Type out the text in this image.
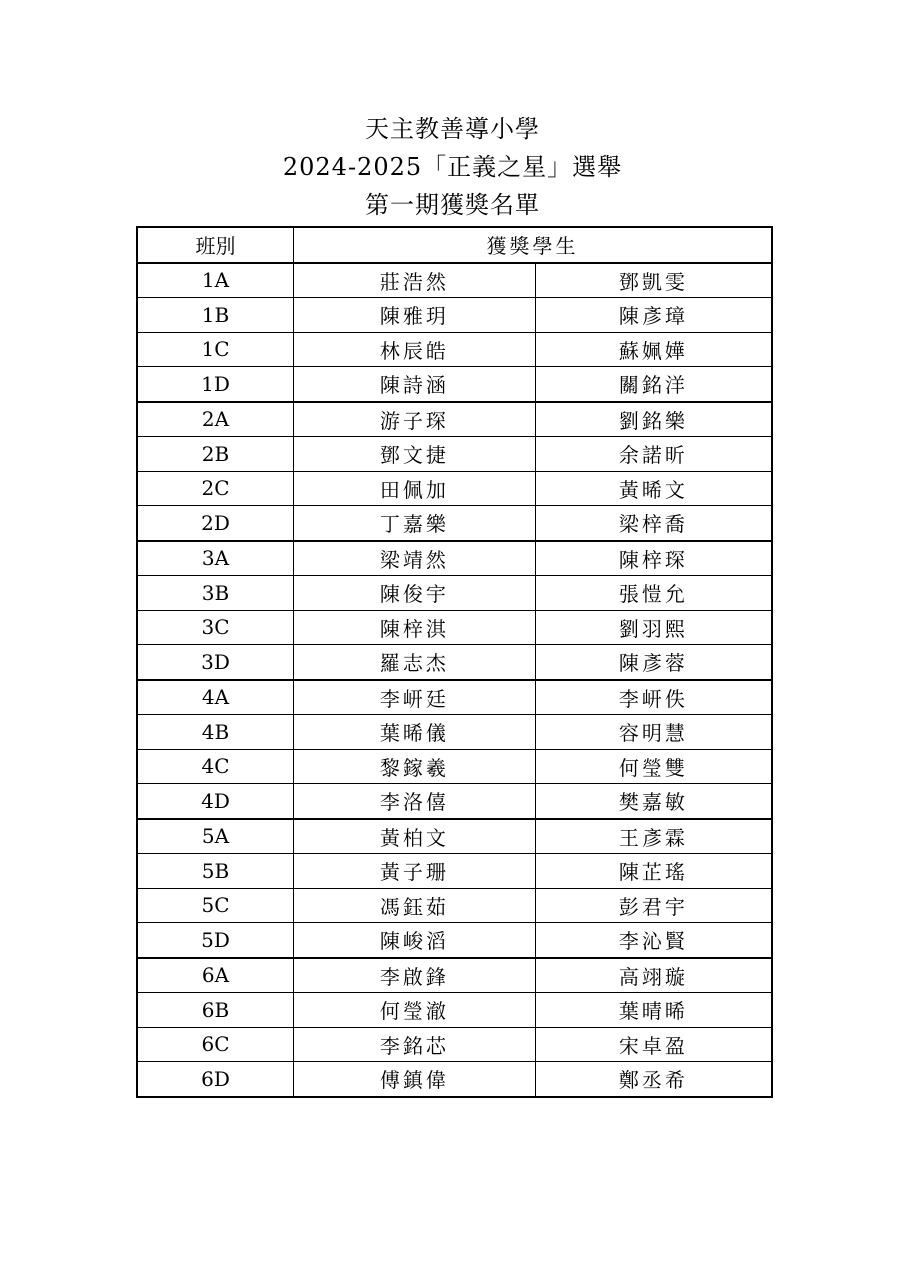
天主教善導小學
2024-2025「正義之星」選舉
第一期獲獎名單
班別	獲獎學生	
1A	莊浩然	鄧凱雯
1B	陳雅玥	陳彥璋
1C	林辰皓	蘇姵嬅
1D	陳詩涵	關銘洋
2A	游子琛	劉銘樂
2B	鄧文捷	余諾昕
2C	田佩加	黃晞文
2D	丁嘉樂	梁梓喬
3A	梁靖然	陳梓琛
3B	陳俊宇	張愷允
3C	陳梓淇	劉羽熙
3D	羅志杰	陳彥蓉
4A	李岍廷	李岍佚
4B	葉晞儀	容明慧
4C	黎鎵羲	何瑩雙
4D	李洛僖	樊嘉敏
5A	黃柏文	王彥霖
5B	黃子珊	陳芷瑤
5C	馮鈺茹	彭君宇
5D	陳峻滔	李沁賢
6A	李啟鋒	高翊璇
6B	何瑩澈	葉晴晞
6C	李銘芯	宋卓盈
6D	傅鎮偉	鄭丞希
